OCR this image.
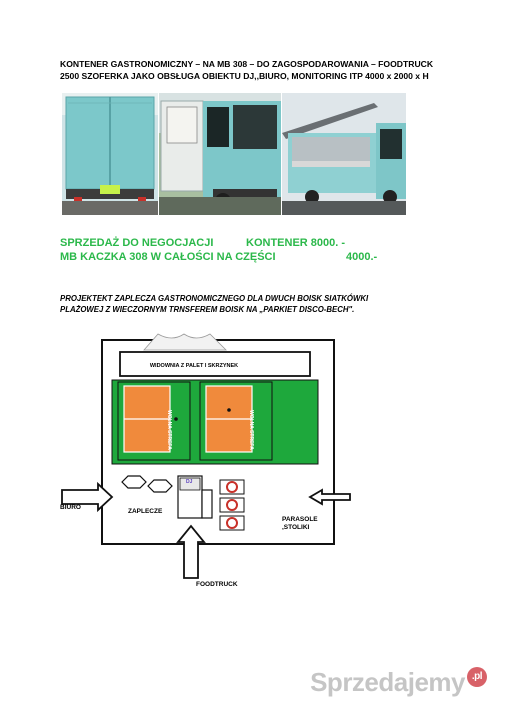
KONTENER GASTRONOMICZNY – NA MB 308 – DO ZAGOSPODAROWANIA – FOODTRUCK
2500 SZOFERKA JAKO OBSŁUGA OBIEKTU DJ,,BIURO, MONITORING ITP 4000 x 2000 x H
SPRZEDAŻ DO NEGOCJACJI	KONTENER 8000. -
MB KACZKA 308 W CAŁOŚCI NA CZĘŚCI	4000.-
PROJEKTEKT ZAPLECZA GASTRONOMICZNEGO DLA DWUCH BOISK SIATKÓWKI
PLAŻOWEJ Z WIECZORNYM TRNSFEREM BOISK NA „PARKIET DISCO-BECH".
WIDOWNIA Z PALET I SKRZYNEK
WOLNA STREFA	WOLNA STREFA
DJ
BIURO
ZAPLECZE
PARASOLE
,STOLIKI
FOODTRUCK
Sprzedajemy .pl
